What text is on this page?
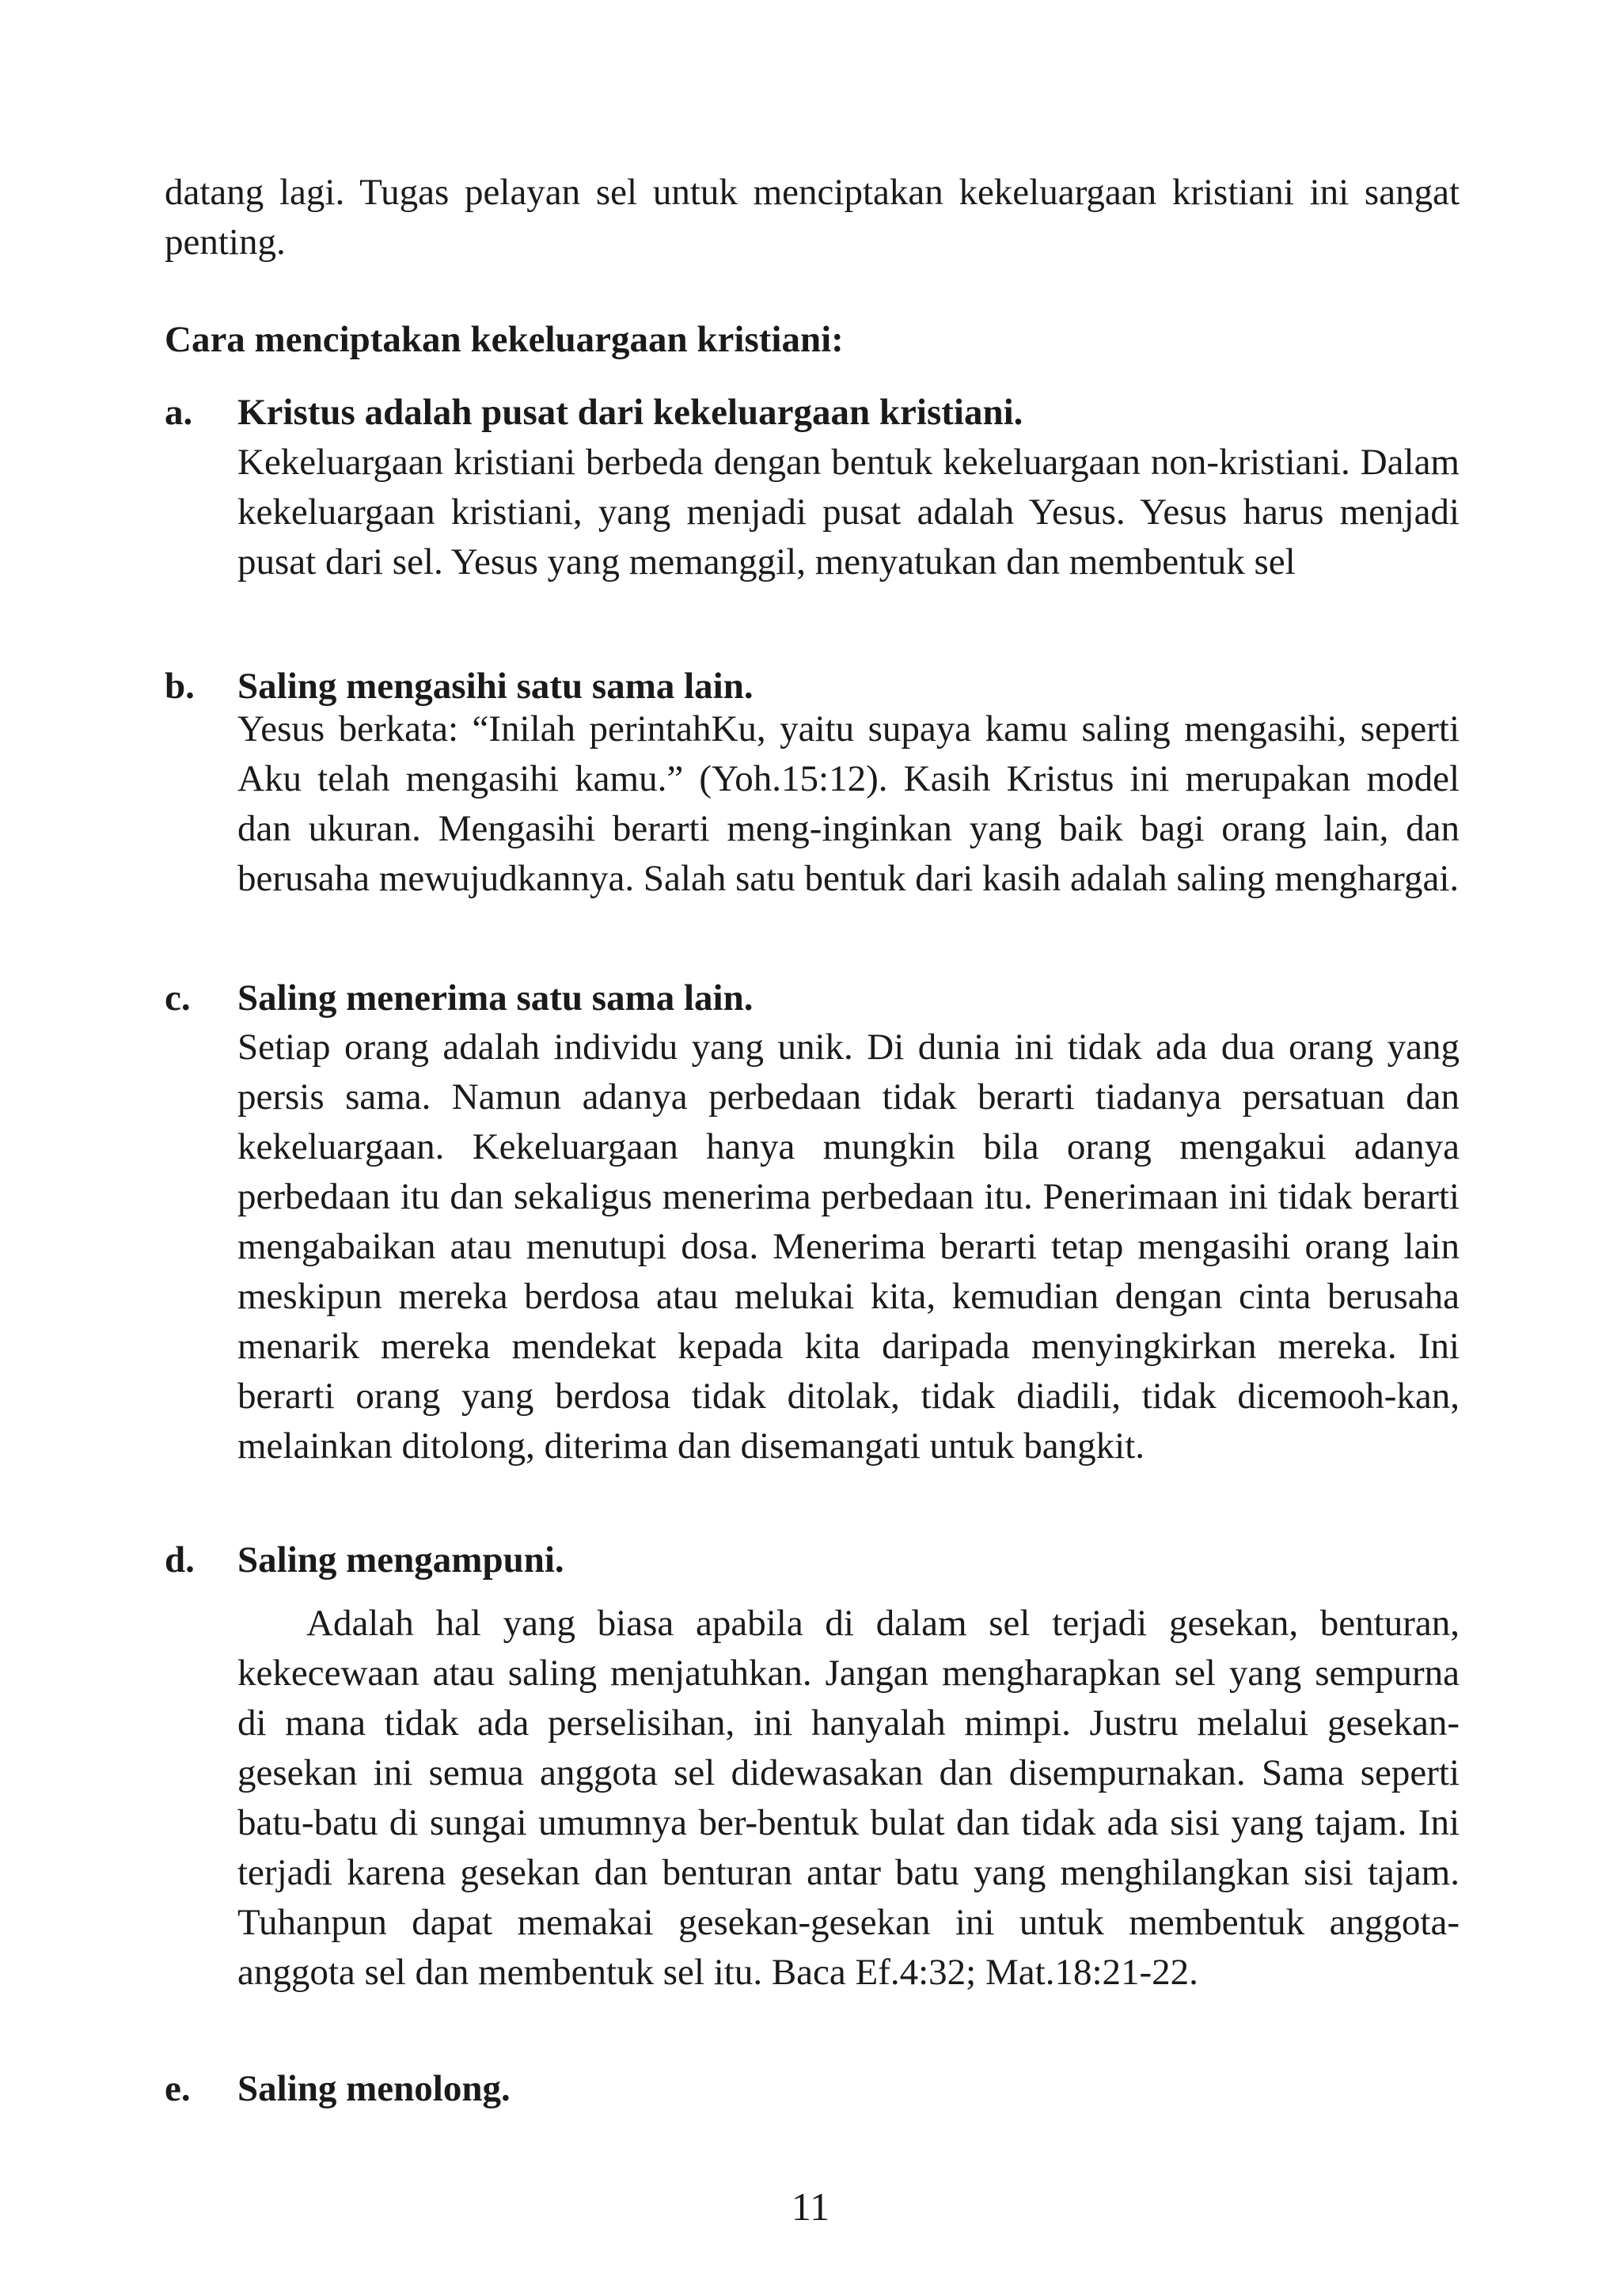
datang lagi. Tugas pelayan sel untuk menciptakan kekeluargaan kristiani ini sangat penting.
Cara menciptakan kekeluargaan kristiani:
a. Kristus adalah pusat dari kekeluargaan kristiani.
Kekeluargaan kristiani berbeda dengan bentuk kekeluargaan non-kristiani. Dalam kekeluargaan kristiani, yang menjadi pusat adalah Yesus. Yesus harus menjadi pusat dari sel. Yesus yang memanggil, menyatukan dan membentuk sel
b. Saling mengasihi satu sama lain.
Yesus berkata: “Inilah perintahKu, yaitu supaya kamu saling mengasihi, seperti Aku telah mengasihi kamu.” (Yoh.15:12). Kasih Kristus ini merupakan model dan ukuran. Mengasihi berarti meng-inginkan yang baik bagi orang lain, dan berusaha mewujudkannya. Salah satu bentuk dari kasih adalah saling menghargai.
c. Saling menerima satu sama lain.
Setiap orang adalah individu yang unik. Di dunia ini tidak ada dua orang yang persis sama. Namun adanya perbedaan tidak berarti tiadanya persatuan dan kekeluargaan. Kekeluargaan hanya mungkin bila orang mengakui adanya perbedaan itu dan sekaligus menerima perbedaan itu. Penerimaan ini tidak berarti mengabaikan atau menutupi dosa. Menerima berarti tetap mengasihi orang lain meskipun mereka berdosa atau melukai kita, kemudian dengan cinta berusaha menarik mereka mendekat kepada kita daripada menyingkirkan mereka. Ini berarti orang yang berdosa tidak ditolak, tidak diadili, tidak dicemooh-kan, melainkan ditolong, diterima dan disemangati untuk bangkit.
d. Saling mengampuni.
Adalah hal yang biasa apabila di dalam sel terjadi gesekan, benturan, kekecewaan atau saling menjatuhkan. Jangan mengharapkan sel yang sempurna di mana tidak ada perselisihan, ini hanyalah mimpi. Justru melalui gesekan-gesekan ini semua anggota sel didewasakan dan disempurnakan. Sama seperti batu-batu di sungai umumnya ber-bentuk bulat dan tidak ada sisi yang tajam. Ini terjadi karena gesekan dan benturan antar batu yang menghilangkan sisi tajam. Tuhanpun dapat memakai gesekan-gesekan ini untuk membentuk anggota-anggota sel dan membentuk sel itu. Baca Ef.4:32; Mat.18:21-22.
e. Saling menolong.
11
